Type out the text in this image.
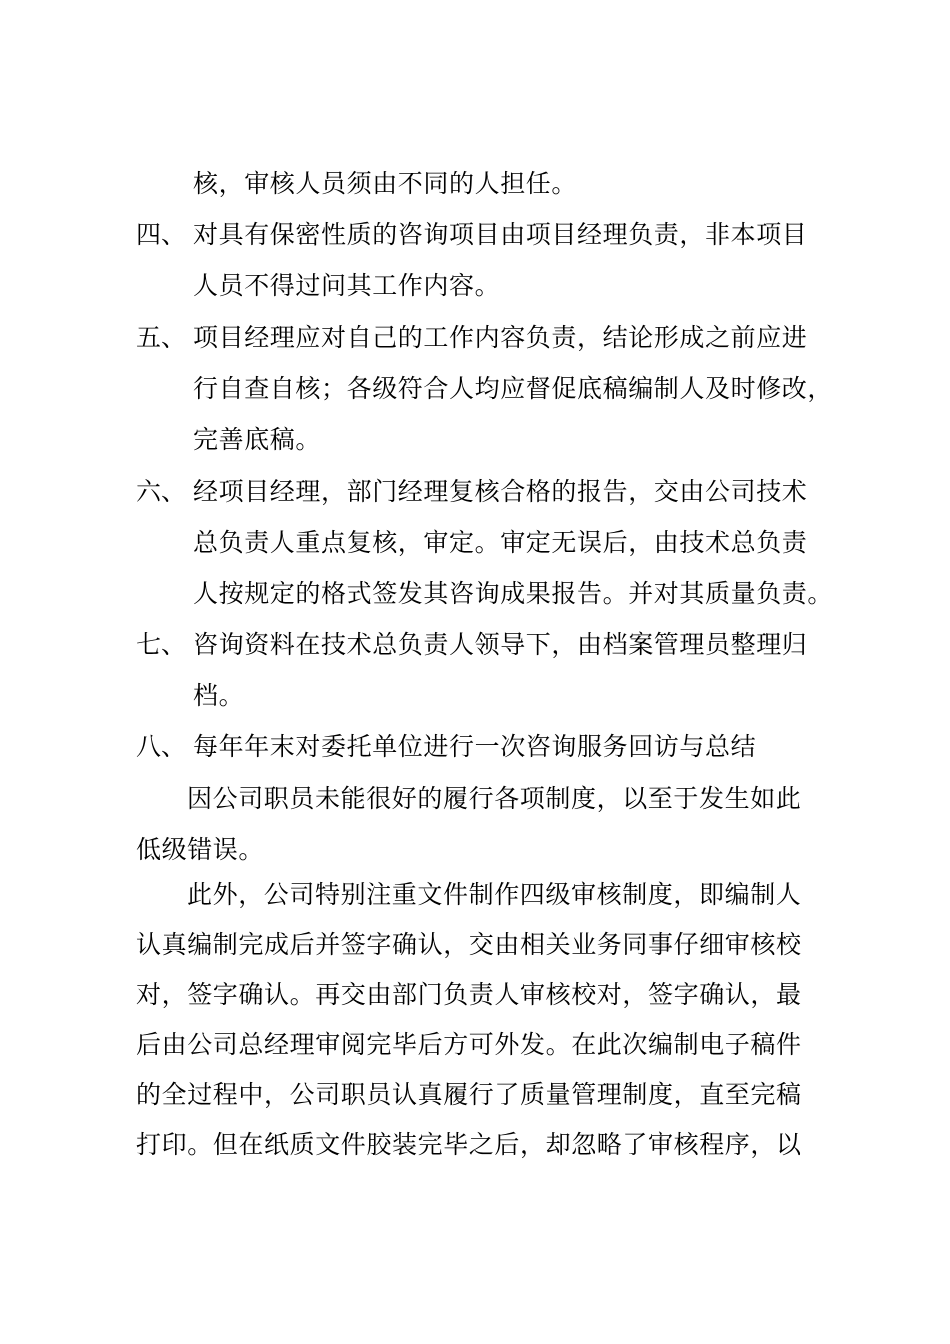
核，审核人员须由不同的人担任。
四、 对具有保密性质的咨询项目由项目经理负责，非本项目
人员不得过问其工作内容。
五、 项目经理应对自己的工作内容负责，结论形成之前应进
行自查自核；各级符合人均应督促底稿编制人及时修改，
完善底稿。
六、 经项目经理，部门经理复核合格的报告，交由公司技术
总负责人重点复核，审定。审定无误后，由技术总负责
人按规定的格式签发其咨询成果报告。并对其质量负责。
七、 咨询资料在技术总负责人领导下，由档案管理员整理归
档。
八、 每年年末对委托单位进行一次咨询服务回访与总结
因公司职员未能很好的履行各项制度，以至于发生如此
低级错误。
此外，公司特别注重文件制作四级审核制度，即编制人
认真编制完成后并签字确认，交由相关业务同事仔细审核校
对，签字确认。再交由部门负责人审核校对，签字确认，最
后由公司总经理审阅完毕后方可外发。在此次编制电子稿件
的全过程中，公司职员认真履行了质量管理制度，直至完稿
打印。但在纸质文件胶装完毕之后，却忽略了审核程序，以
